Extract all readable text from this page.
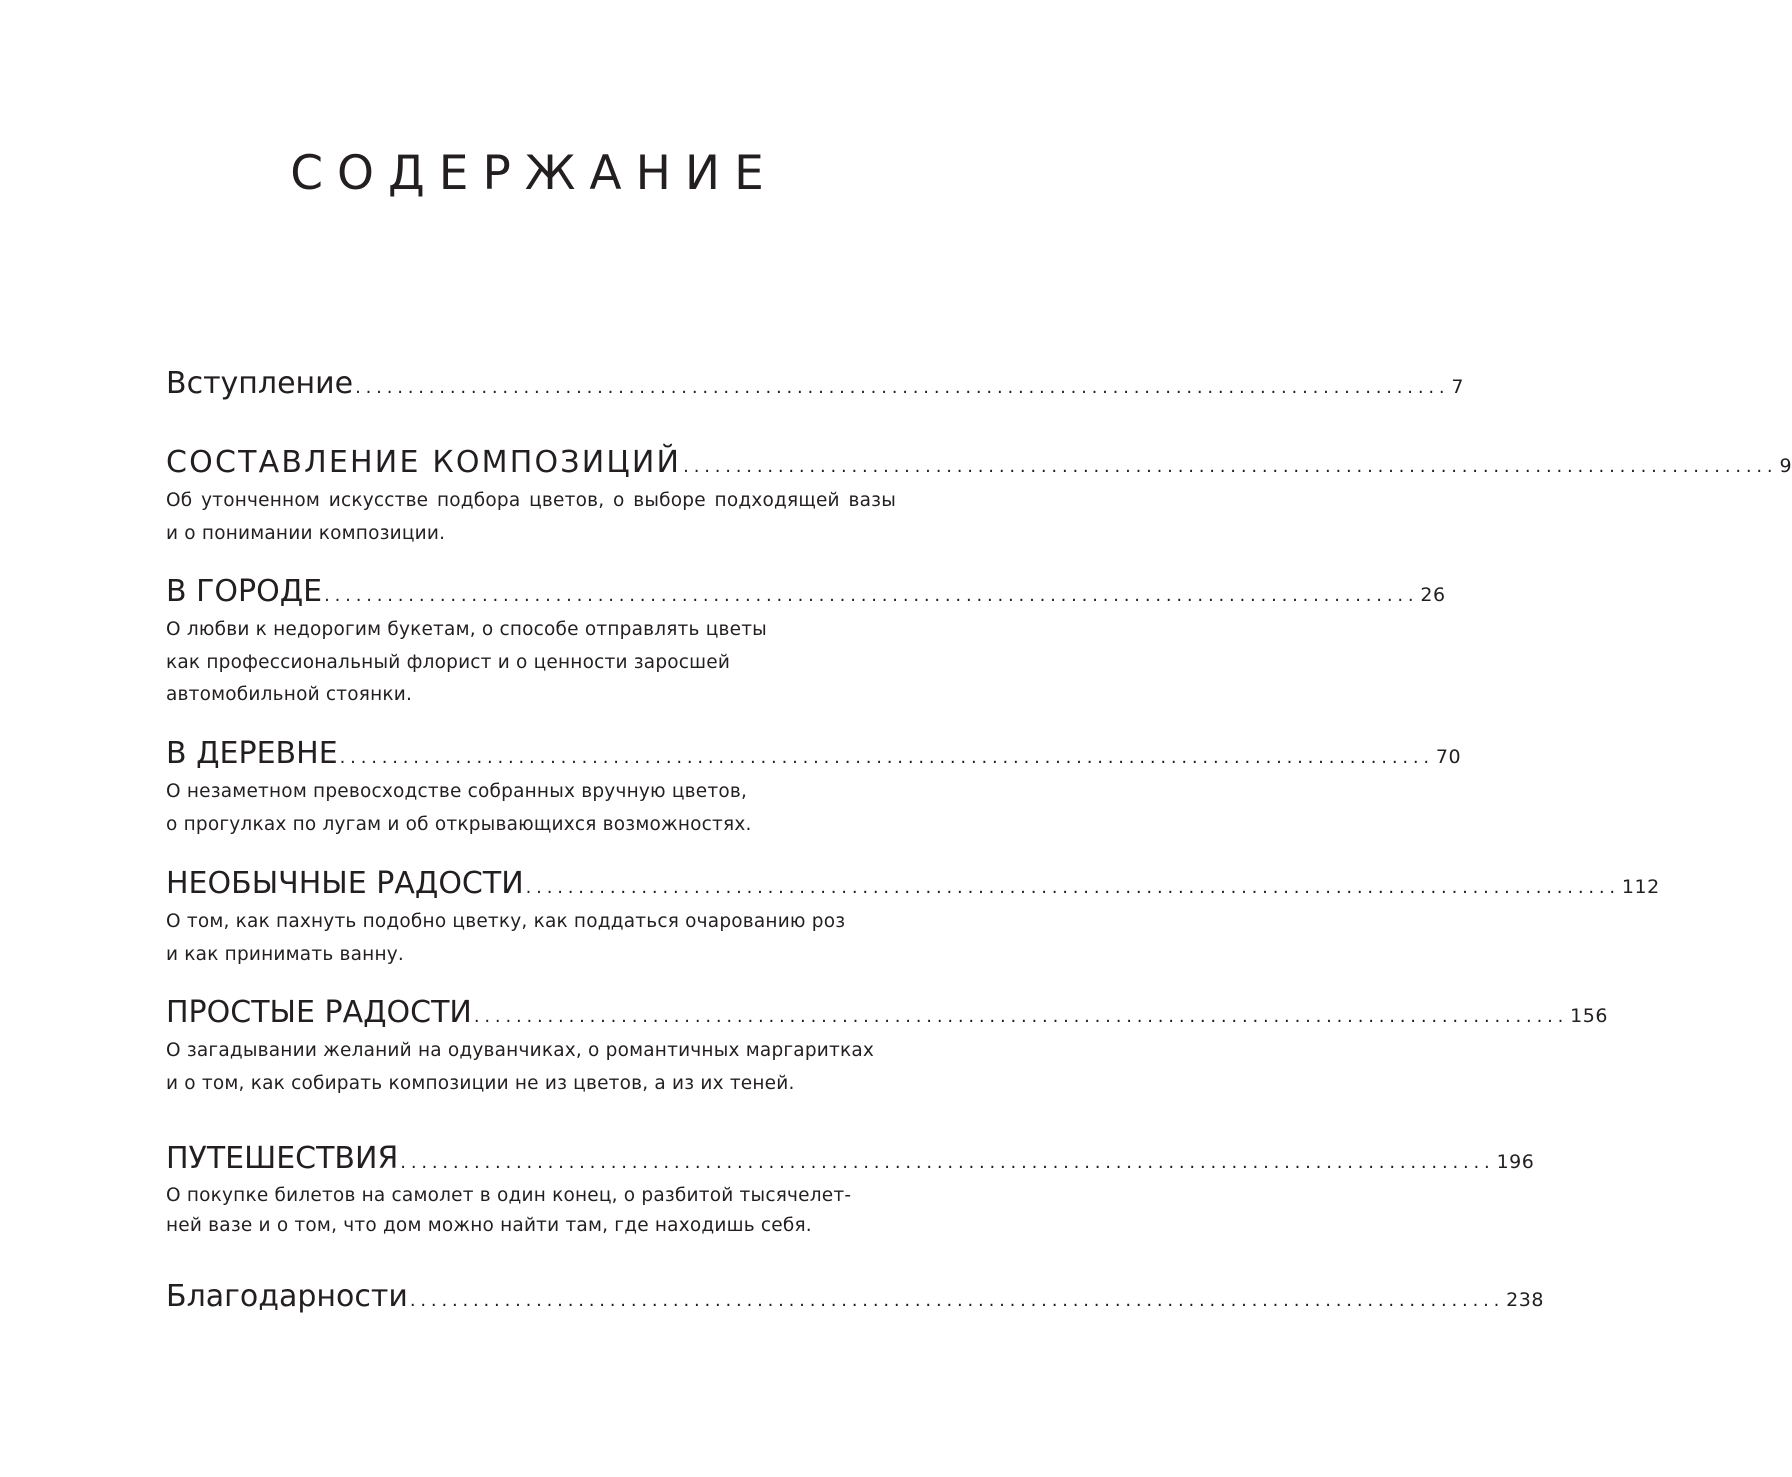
СОДЕРЖАНИЕ
Вступление ........................................................................................................ 7
СОСТАВЛЕНИЕ КОМПОЗИЦИЙ ........................................................................................................ 9
Об утонченном искусстве подбора цветов, о выборе подходящей вазы
и о понимании композиции.
В ГОРОДЕ ........................................................................................................ 26
О любви к недорогим букетам, о способе отправлять цветы
как профессиональный флорист и о ценности заросшей
автомобильной стоянки.
В ДЕРЕВНЕ ........................................................................................................ 70
О незаметном превосходстве собранных вручную цветов,
о прогулках по лугам и об открывающихся возможностях.
НЕОБЫЧНЫЕ РАДОСТИ ........................................................................................................ 112
О том, как пахнуть подобно цветку, как поддаться очарованию роз
и как принимать ванну.
ПРОСТЫЕ РАДОСТИ ........................................................................................................ 156
О загадывании желаний на одуванчиках, о романтичных маргаритках
и о том, как собирать композиции не из цветов, а из их теней.
ПУТЕШЕСТВИЯ ........................................................................................................ 196
О покупке билетов на самолет в один конец, о разбитой тысячелет-
ней вазе и о том, что дом можно найти там, где находишь себя.
Благодарности ........................................................................................................ 238
